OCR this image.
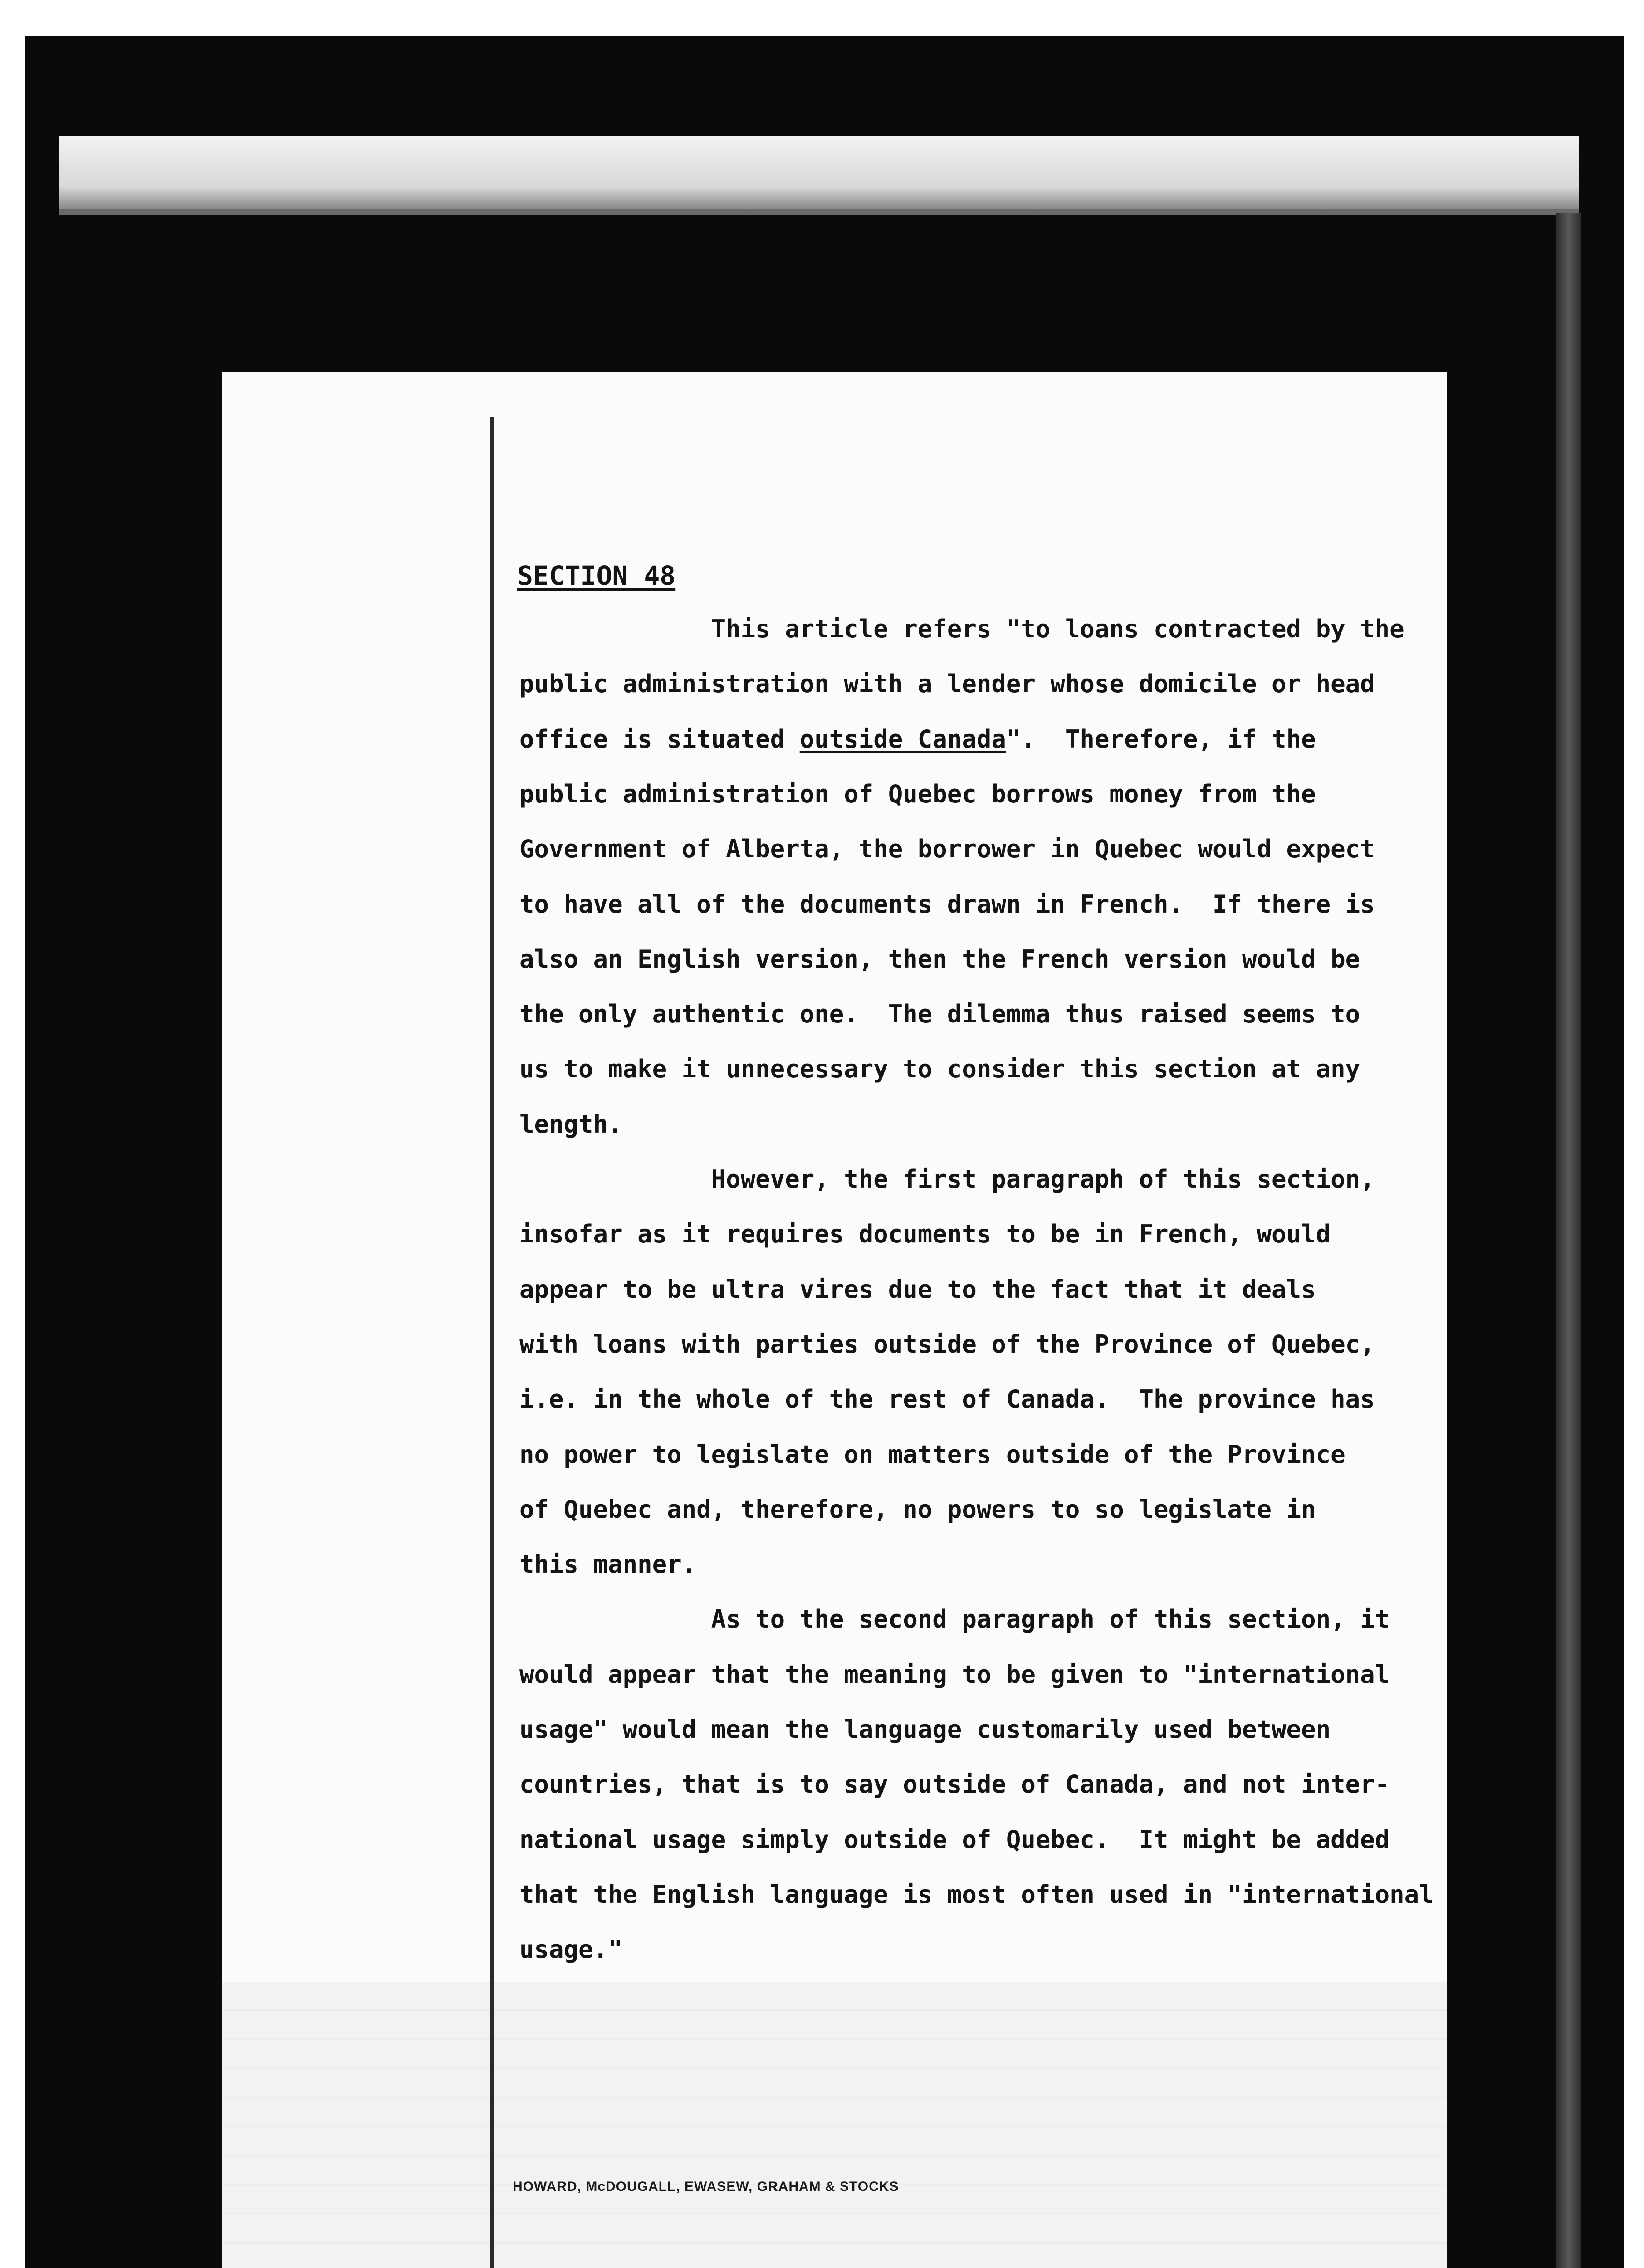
SECTION 48
This article refers "to loans contracted by the
public administration with a lender whose domicile or head
office is situated outside Canada".  Therefore, if the
public administration of Quebec borrows money from the
Government of Alberta, the borrower in Quebec would expect
to have all of the documents drawn in French.  If there is
also an English version, then the French version would be
the only authentic one.  The dilemma thus raised seems to
us to make it unnecessary to consider this section at any
length.
However, the first paragraph of this section,
insofar as it requires documents to be in French, would
appear to be ultra vires due to the fact that it deals
with loans with parties outside of the Province of Quebec,
i.e. in the whole of the rest of Canada.  The province has
no power to legislate on matters outside of the Province
of Quebec and, therefore, no powers to so legislate in
this manner.
As to the second paragraph of this section, it
would appear that the meaning to be given to "international
usage" would mean the language customarily used between
countries, that is to say outside of Canada, and not inter-
national usage simply outside of Quebec.  It might be added
that the English language is most often used in "international
usage."
HOWARD, McDOUGALL, EWASEW, GRAHAM & STOCKS
